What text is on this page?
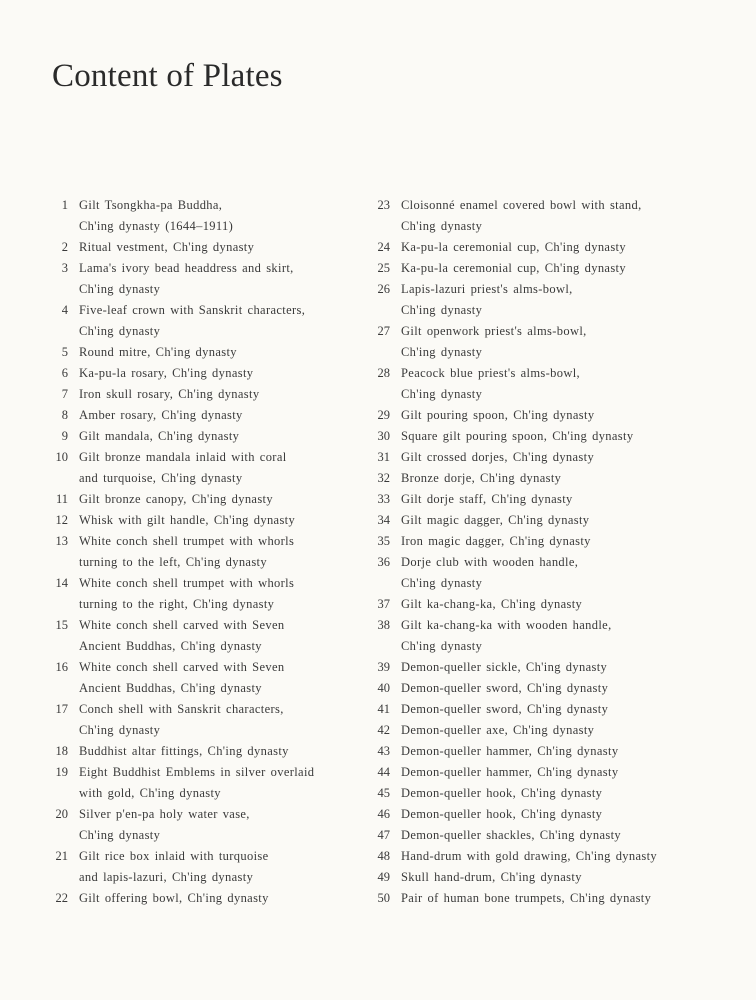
Content of Plates
1 Gilt Tsongkha-pa Buddha,
Ch'ing dynasty (1644–1911)
2 Ritual vestment, Ch'ing dynasty
3 Lama's ivory bead headdress and skirt,
Ch'ing dynasty
4 Five-leaf crown with Sanskrit characters,
Ch'ing dynasty
5 Round mitre, Ch'ing dynasty
6 Ka-pu-la rosary, Ch'ing dynasty
7 Iron skull rosary, Ch'ing dynasty
8 Amber rosary, Ch'ing dynasty
9 Gilt mandala, Ch'ing dynasty
10 Gilt bronze mandala inlaid with coral
and turquoise, Ch'ing dynasty
11 Gilt bronze canopy, Ch'ing dynasty
12 Whisk with gilt handle, Ch'ing dynasty
13 White conch shell trumpet with whorls
turning to the left, Ch'ing dynasty
14 White conch shell trumpet with whorls
turning to the right, Ch'ing dynasty
15 White conch shell carved with Seven
Ancient Buddhas, Ch'ing dynasty
16 White conch shell carved with Seven
Ancient Buddhas, Ch'ing dynasty
17 Conch shell with Sanskrit characters,
Ch'ing dynasty
18 Buddhist altar fittings, Ch'ing dynasty
19 Eight Buddhist Emblems in silver overlaid
with gold, Ch'ing dynasty
20 Silver p'en-pa holy water vase,
Ch'ing dynasty
21 Gilt rice box inlaid with turquoise
and lapis-lazuri, Ch'ing dynasty
22 Gilt offering bowl, Ch'ing dynasty
23 Cloisonné enamel covered bowl with stand,
Ch'ing dynasty
24 Ka-pu-la ceremonial cup, Ch'ing dynasty
25 Ka-pu-la ceremonial cup, Ch'ing dynasty
26 Lapis-lazuri priest's alms-bowl,
Ch'ing dynasty
27 Gilt openwork priest's alms-bowl,
Ch'ing dynasty
28 Peacock blue priest's alms-bowl,
Ch'ing dynasty
29 Gilt pouring spoon, Ch'ing dynasty
30 Square gilt pouring spoon, Ch'ing dynasty
31 Gilt crossed dorjes, Ch'ing dynasty
32 Bronze dorje, Ch'ing dynasty
33 Gilt dorje staff, Ch'ing dynasty
34 Gilt magic dagger, Ch'ing dynasty
35 Iron magic dagger, Ch'ing dynasty
36 Dorje club with wooden handle,
Ch'ing dynasty
37 Gilt ka-chang-ka, Ch'ing dynasty
38 Gilt ka-chang-ka with wooden handle,
Ch'ing dynasty
39 Demon-queller sickle, Ch'ing dynasty
40 Demon-queller sword, Ch'ing dynasty
41 Demon-queller sword, Ch'ing dynasty
42 Demon-queller axe, Ch'ing dynasty
43 Demon-queller hammer, Ch'ing dynasty
44 Demon-queller hammer, Ch'ing dynasty
45 Demon-queller hook, Ch'ing dynasty
46 Demon-queller hook, Ch'ing dynasty
47 Demon-queller shackles, Ch'ing dynasty
48 Hand-drum with gold drawing, Ch'ing dynasty
49 Skull hand-drum, Ch'ing dynasty
50 Pair of human bone trumpets, Ch'ing dynasty
